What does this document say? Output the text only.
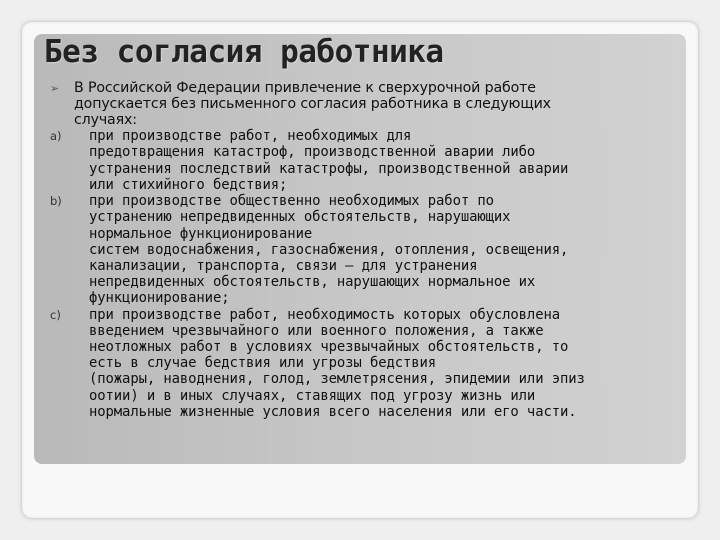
Без согласия работника
➢	В Российской Федерации привлечение к сверхурочной работе
допускается без письменного согласия работника в следующих
случаях:
a)	при производстве работ, необходимых для
предотвращения катастроф, производственной аварии либо
устранения последствий катастрофы, производственной аварии
или стихийного бедствия;
b)	при производстве общественно необходимых работ по
устранению непредвиденных обстоятельств, нарушающих
нормальное функционирование
систем водоснабжения, газоснабжения, отопления, освещения,
канализации, транспорта, связи — для устранения
непредвиденных обстоятельств, нарушающих нормальное их
функционирование;
c)	при производстве работ, необходимость которых обусловлена
введением чрезвычайного или военного положения, а также
неотложных работ в условиях чрезвычайных обстоятельств, то
есть в случае бедствия или угрозы бедствия
(пожары, наводнения, голод, землетрясения, эпидемии или эпиз
оотии) и в иных случаях, ставящих под угрозу жизнь или
нормальные жизненные условия всего населения или его части.
